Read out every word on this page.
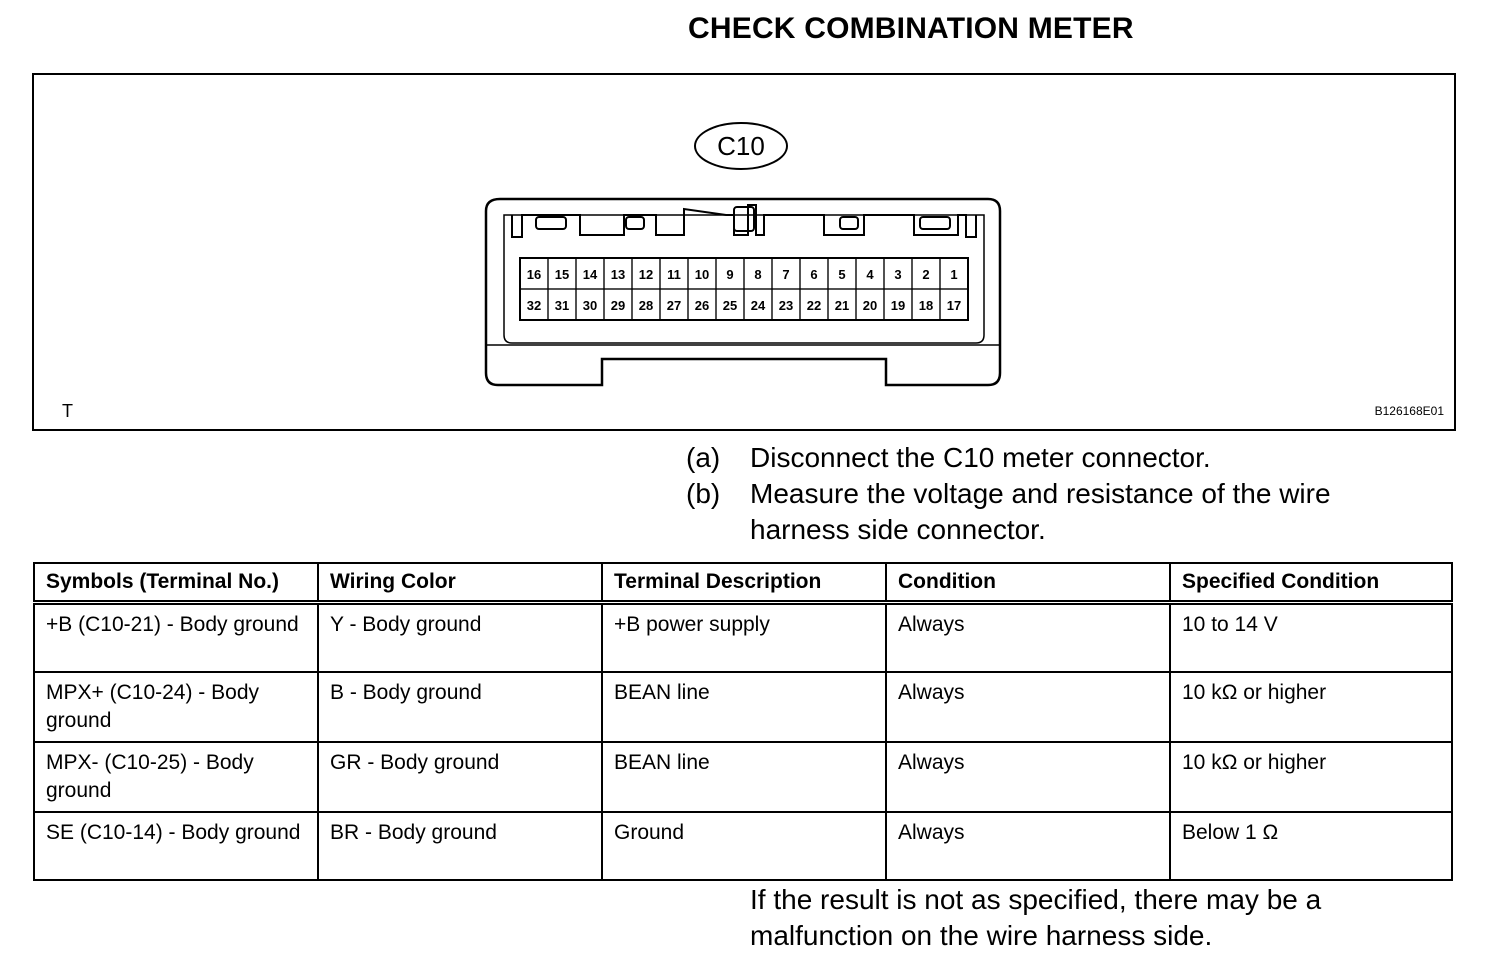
CHECK COMBINATION METER
C10
16 15 14 13 12 11 10 9 8 7 6 5 4 3 2 1
32 31 30 29 28 27 26 25 24 23 22 21 20 19 18 17
T	B126168E01
(a)	Disconnect the C10 meter connector.
(b)	Measure the voltage and resistance of the wire harness side connector.
Symbols (Terminal No.)	Wiring Color	Terminal Description	Condition	Specified Condition
+B (C10-21) - Body ground	Y - Body ground	+B power supply	Always	10 to 14 V
MPX+ (C10-24) - Body ground	B - Body ground	BEAN line	Always	10 kΩ or higher
MPX- (C10-25) - Body ground	GR - Body ground	BEAN line	Always	10 kΩ or higher
SE (C10-14) - Body ground	BR - Body ground	Ground	Always	Below 1 Ω
If the result is not as specified, there may be a malfunction on the wire harness side.
